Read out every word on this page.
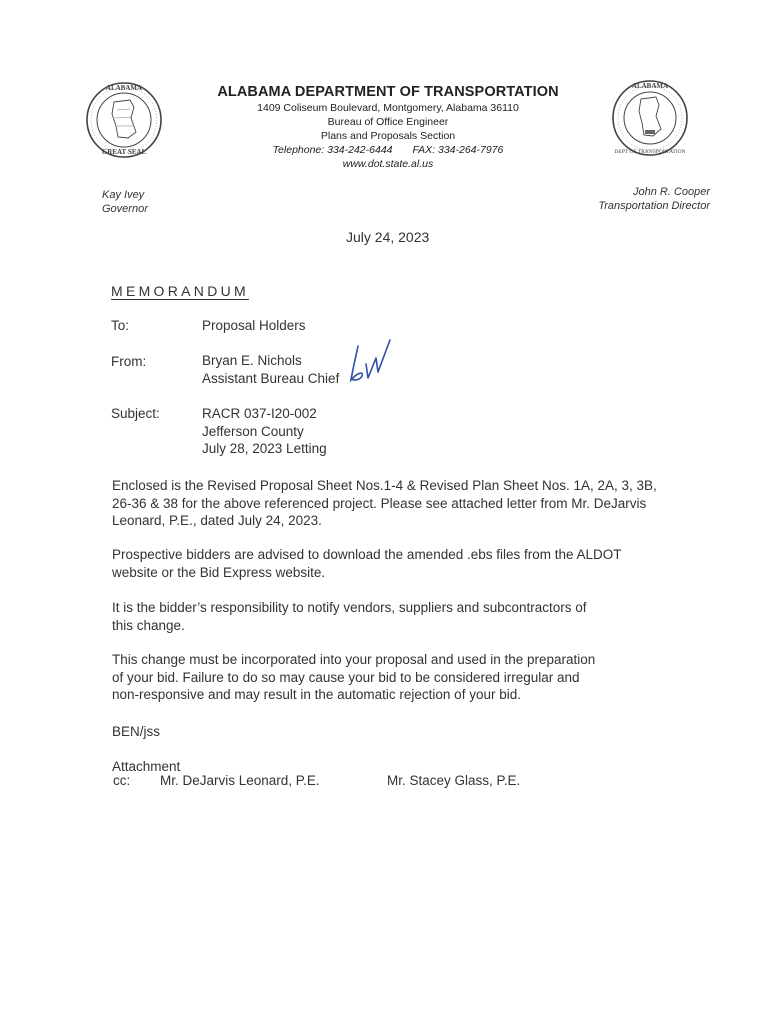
ALABAMA
GREAT SEAL
ALABAMA DEPARTMENT OF TRANSPORTATION
1409 Coliseum Boulevard, Montgomery, Alabama 36110
Bureau of Office Engineer
Plans and Proposals Section
Telephone: 334-242-6444 FAX: 334-264-7976
www.dot.state.al.us
ALABAMA
DEPT OF TRANSPORTATION
Kay Ivey
Governor
John R. Cooper
Transportation Director
July 24, 2023
MEMORANDUM
To:	Proposal Holders
From:	Bryan E. Nichols
Assistant Bureau Chief
Subject:	RACR 037-I20-002
Jefferson County
July 28, 2023 Letting
Enclosed is the Revised Proposal Sheet Nos.1-4 & Revised Plan Sheet Nos. 1A, 2A, 3, 3B,
26-36 & 38 for the above referenced project. Please see attached letter from Mr. DeJarvis
Leonard, P.E., dated July 24, 2023.
Prospective bidders are advised to download the amended .ebs files from the ALDOT
website or the Bid Express website.
It is the bidder’s responsibility to notify vendors, suppliers and subcontractors of
this change.
This change must be incorporated into your proposal and used in the preparation
of your bid. Failure to do so may cause your bid to be considered irregular and
non-responsive and may result in the automatic rejection of your bid.
BEN/jss
Attachment
cc: Mr. DeJarvis Leonard, P.E.	Mr. Stacey Glass, P.E.
